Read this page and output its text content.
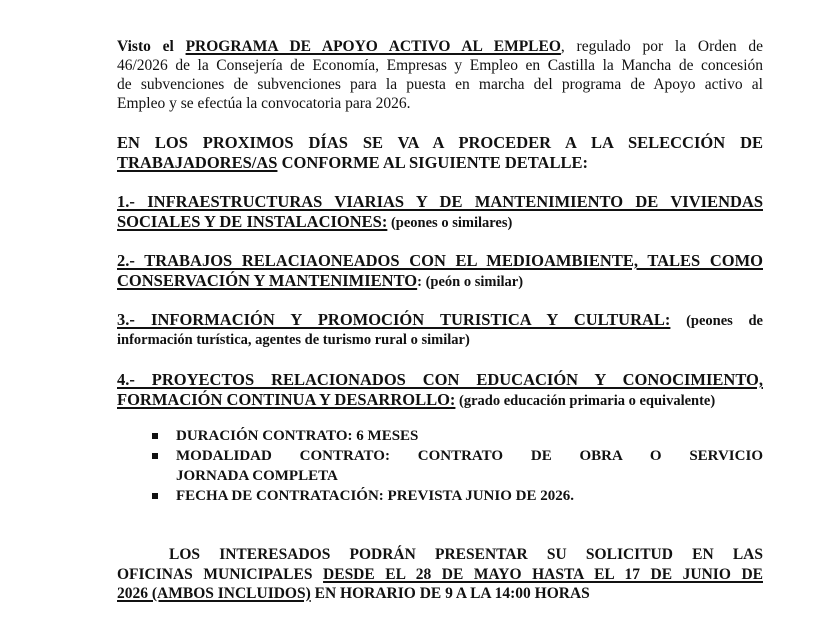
Visto el PROGRAMA DE APOYO ACTIVO AL EMPLEO, regulado por la Orden de
46/2026 de la Consejería de Economía, Empresas y Empleo en Castilla la Mancha de concesión
de subvenciones de subvenciones para la puesta en marcha del programa de Apoyo activo al
Empleo y se efectúa la convocatoria para 2026.
EN LOS PROXIMOS DÍAS SE VA A PROCEDER A LA SELECCIÓN DE
TRABAJADORES/AS CONFORME AL SIGUIENTE DETALLE:
1.- INFRAESTRUCTURAS VIARIAS Y DE MANTENIMIENTO DE VIVIENDAS
SOCIALES Y DE INSTALACIONES: (peones o similares)
2.- TRABAJOS RELACIAONEADOS CON EL MEDIOAMBIENTE, TALES COMO
CONSERVACIÓN Y MANTENIMIENTO: (peón o similar)
3.- INFORMACIÓN Y PROMOCIÓN TURISTICA Y CULTURAL: (peones de
información turística, agentes de turismo rural o similar)
4.- PROYECTOS RELACIONADOS CON EDUCACIÓN Y CONOCIMIENTO,
FORMACIÓN CONTINUA Y DESARROLLO: (grado educación primaria o equivalente)
DURACIÓN CONTRATO: 6 MESES
MODALIDAD CONTRATO: CONTRATO DE OBRA O SERVICIO
JORNADA COMPLETA
FECHA DE CONTRATACIÓN: PREVISTA JUNIO DE 2026.
LOS INTERESADOS PODRÁN PRESENTAR SU SOLICITUD EN LAS
OFICINAS MUNICIPALES DESDE EL 28 DE MAYO HASTA EL 17 DE JUNIO DE
2026 (AMBOS INCLUIDOS) EN HORARIO DE 9 A LA 14:00 HORAS
